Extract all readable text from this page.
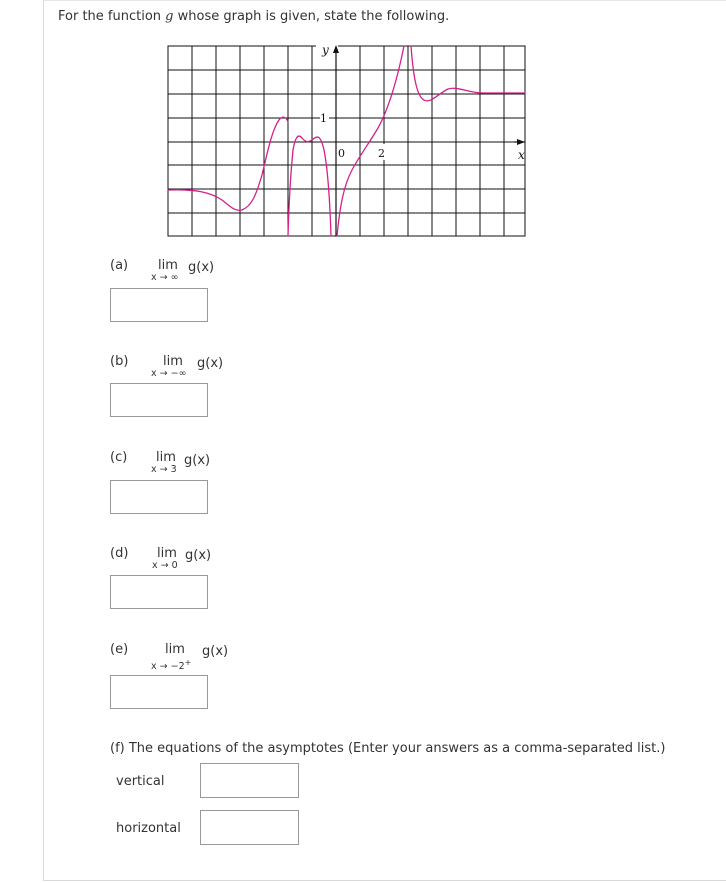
For the function g whose graph is given, state the following.
y
x
1
0	2
(a) lim
x → ∞
g(x)
(b)	lim
x → −∞
g(x)
(c) lim
x → 3
g(x)
(d) lim
x → 0
g(x)
(e)	lim
x → −2+
g(x)
(f) The equations of the asymptotes (Enter your answers as a comma-separated list.)
vertical
horizontal
